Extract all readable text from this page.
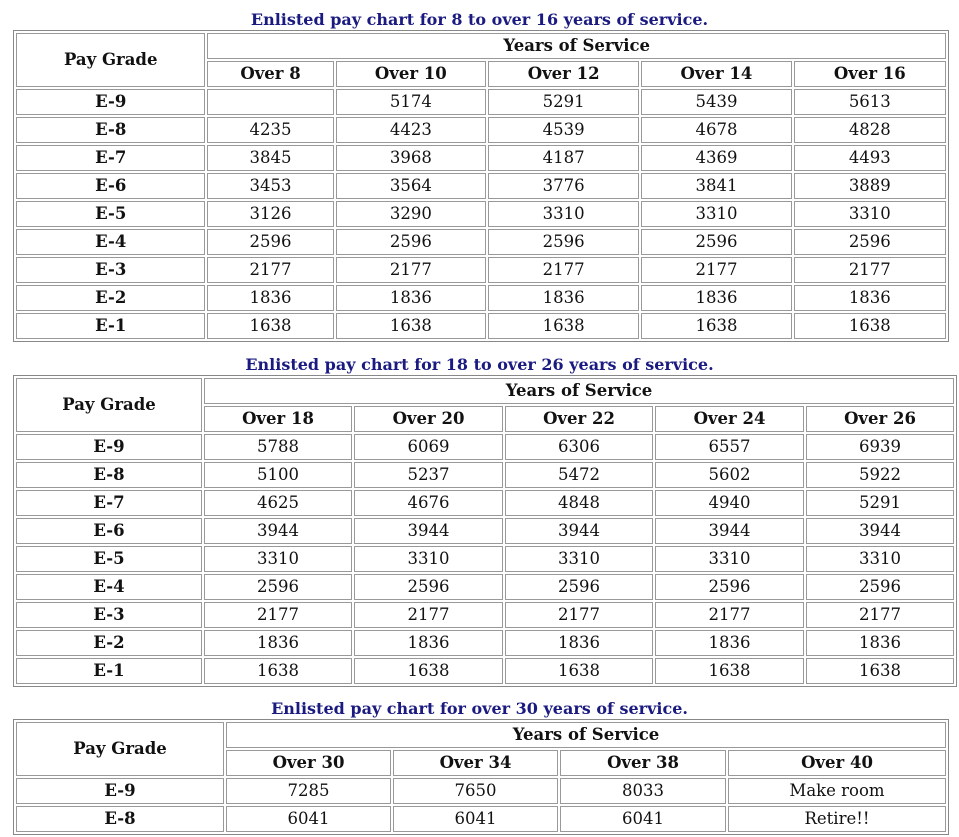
Enlisted pay chart for 8 to over 16 years of service.
Pay Grade	Years of Service				
	Over 8	Over 10	Over 12	Over 14	Over 16
E-9		5174	5291	5439	5613
E-8	4235	4423	4539	4678	4828
E-7	3845	3968	4187	4369	4493
E-6	3453	3564	3776	3841	3889
E-5	3126	3290	3310	3310	3310
E-4	2596	2596	2596	2596	2596
E-3	2177	2177	2177	2177	2177
E-2	1836	1836	1836	1836	1836
E-1	1638	1638	1638	1638	1638
Enlisted pay chart for 18 to over 26 years of service.
Pay Grade	Years of Service				
	Over 18	Over 20	Over 22	Over 24	Over 26
E-9	5788	6069	6306	6557	6939
E-8	5100	5237	5472	5602	5922
E-7	4625	4676	4848	4940	5291
E-6	3944	3944	3944	3944	3944
E-5	3310	3310	3310	3310	3310
E-4	2596	2596	2596	2596	2596
E-3	2177	2177	2177	2177	2177
E-2	1836	1836	1836	1836	1836
E-1	1638	1638	1638	1638	1638
Enlisted pay chart for over 30 years of service.
Pay Grade	Years of Service			
	Over 30	Over 34	Over 38	Over 40
E-9	7285	7650	8033	Make room
E-8	6041	6041	6041	Retire!!
